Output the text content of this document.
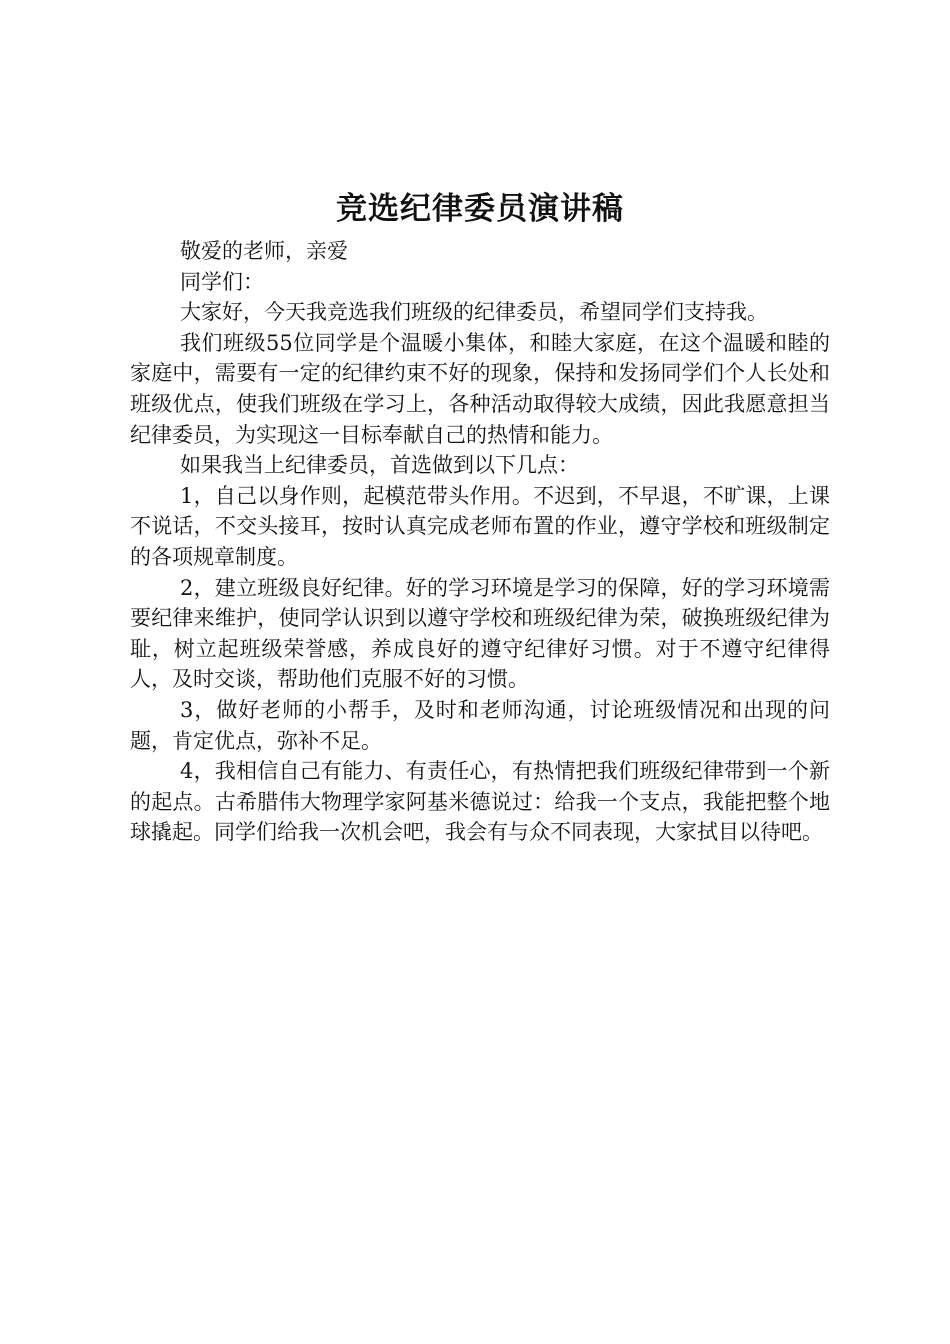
竞选纪律委员演讲稿

敬爱的老师，亲爱

同学们：

大家好，今天我竞选我们班级的纪律委员，希望同学们支持我。

我们班级55位同学是个温暖小集体，和睦大家庭，在这个温暖和睦的家庭中，需要有一定的纪律约束不好的现象，保持和发扬同学们个人长处和班级优点，使我们班级在学习上，各种活动取得较大成绩，因此我愿意担当纪律委员，为实现这一目标奉献自己的热情和能力。

如果我当上纪律委员，首选做到以下几点：

1，自己以身作则，起模范带头作用。不迟到，不早退，不旷课，上课不说话，不交头接耳，按时认真完成老师布置的作业，遵守学校和班级制定的各项规章制度。

2，建立班级良好纪律。好的学习环境是学习的保障，好的学习环境需要纪律来维护，使同学认识到以遵守学校和班级纪律为荣，破换班级纪律为耻，树立起班级荣誉感，养成良好的遵守纪律好习惯。对于不遵守纪律得人，及时交谈，帮助他们克服不好的习惯。

3，做好老师的小帮手，及时和老师沟通，讨论班级情况和出现的问题，肯定优点，弥补不足。

4，我相信自己有能力、有责任心，有热情把我们班级纪律带到一个新的起点。古希腊伟大物理学家阿基米德说过：给我一个支点，我能把整个地球撬起。同学们给我一次机会吧，我会有与众不同表现，大家拭目以待吧。
